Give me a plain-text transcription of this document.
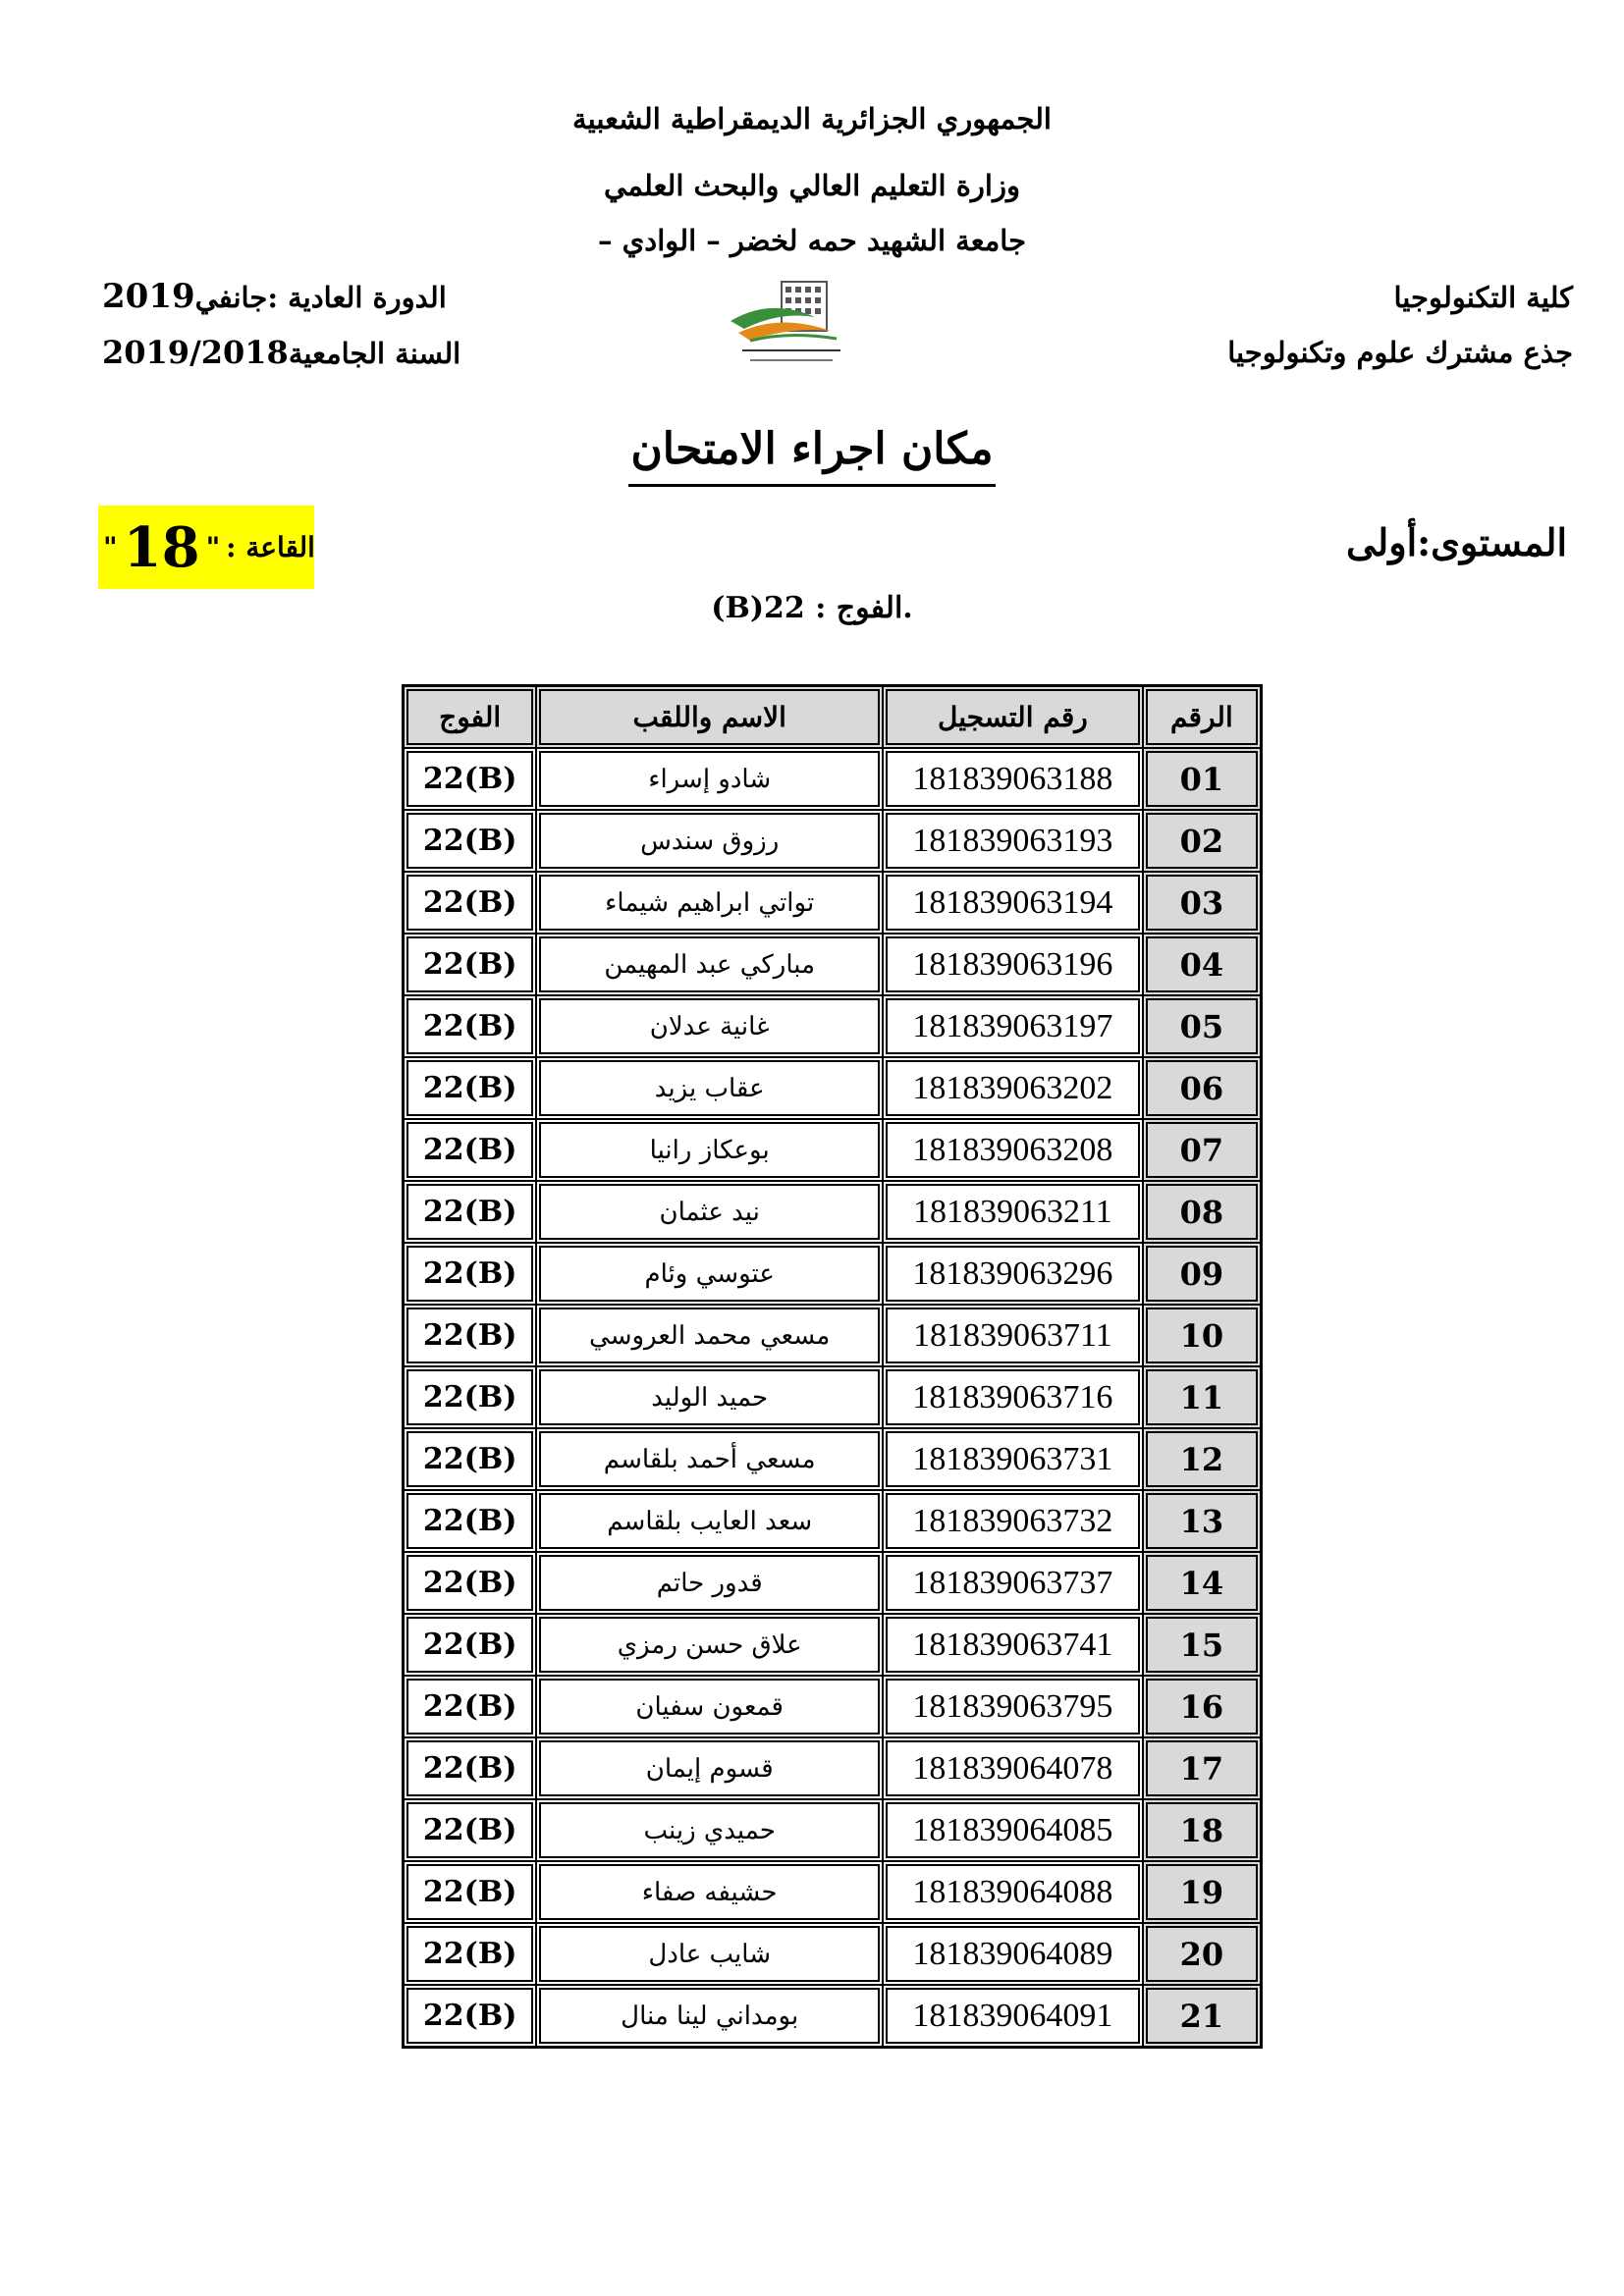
الجمهوري الجزائرية الديمقراطية الشعبية
وزارة التعليم العالي والبحث العلمي
جامعة الشهيد حمه لخضر – الوادي –
كلية التكنولوجيا
جذع مشترك علوم وتكنولوجيا
الدورة العادية :جانفي2019
السنة الجامعية2019/2018
مكان اجراء الامتحان
المستوى:أولى
القاعة :
"
18
"
.الفوج : 22(B)
الفوج	الاسم واللقب	رقم التسجيل	الرقم
22(B)	شادو إسراء	181839063188	01
22(B)	رزوق سندس	181839063193	02
22(B)	تواتي ابراهيم شيماء	181839063194	03
22(B)	مباركي عبد المهيمن	181839063196	04
22(B)	غانية عدلان	181839063197	05
22(B)	عقاب يزيد	181839063202	06
22(B)	بوعكاز رانيا	181839063208	07
22(B)	نيد عثمان	181839063211	08
22(B)	عتوسي وئام	181839063296	09
22(B)	مسعي محمد العروسي	181839063711	10
22(B)	حميد الوليد	181839063716	11
22(B)	مسعي أحمد بلقاسم	181839063731	12
22(B)	سعد العايب بلقاسم	181839063732	13
22(B)	قدور حاتم	181839063737	14
22(B)	علاق حسن رمزي	181839063741	15
22(B)	قمعون سفيان	181839063795	16
22(B)	قسوم إيمان	181839064078	17
22(B)	حميدي زينب	181839064085	18
22(B)	حشيفه صفاء	181839064088	19
22(B)	شايب عادل	181839064089	20
22(B)	بومداني لينا منال	181839064091	21
